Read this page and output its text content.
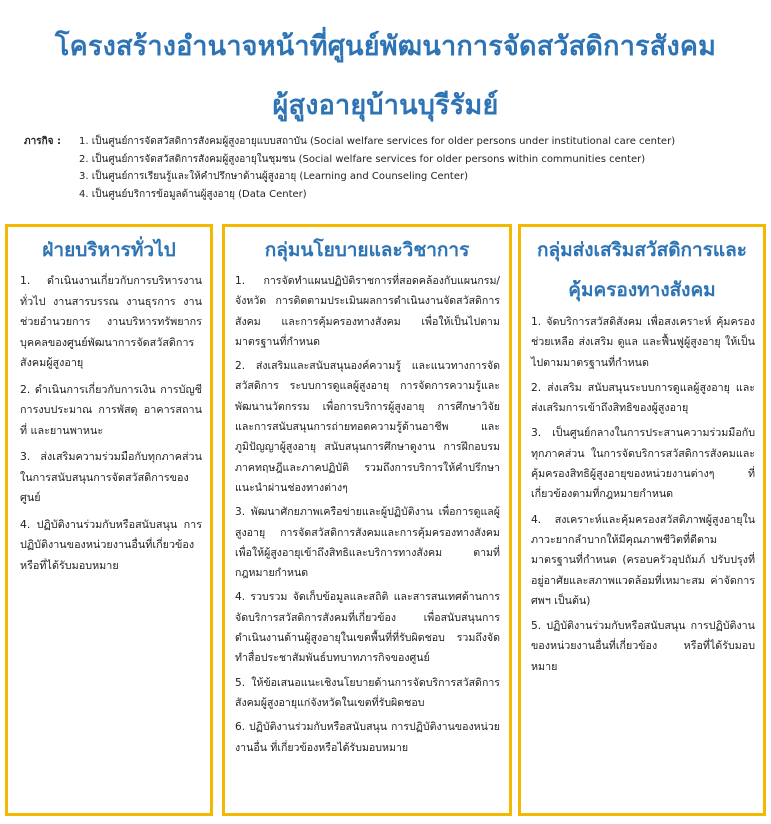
โครงสร้างอำนาจหน้าที่ศูนย์พัฒนาการจัดสวัสดิการสังคม
ผู้สูงอายุบ้านบุรีรัมย์
ภารกิจ :	1. เป็นศูนย์การจัดสวัสดิการสังคมผู้สูงอายุแบบสถาบัน (Social welfare services for older persons under institutional care center)
2. เป็นศูนย์การจัดสวัสดิการสังคมผู้สูงอายุในชุมชน (Social welfare services for older persons within communities center)
3. เป็นศูนย์การเรียนรู้และให้คำปรึกษาด้านผู้สูงอายุ (Learning and Counseling Center)
4. เป็นศูนย์บริการข้อมูลด้านผู้สูงอายุ (Data Center)
ฝ่ายบริหารทั่วไป
1. ดำเนินงานเกี่ยวกับการบริหารงานทั่วไป งานสารบรรณ งานธุรการ งานช่วยอำนวยการ งานบริหารทรัพยากรบุคคลของศูนย์พัฒนาการจัดสวัสดิการสังคมผู้สูงอายุ
2. ดำเนินการเกี่ยวกับการเงิน การบัญชี การงบประมาณ การพัสดุ อาคารสถานที่ และยานพาหนะ
3. ส่งเสริมความร่วมมือกับทุกภาคส่วนในการสนับสนุนการจัดสวัสดิการของศูนย์
4. ปฏิบัติงานร่วมกับหรือสนับสนุน การปฏิบัติงานของหน่วยงานอื่นที่เกี่ยวข้อง หรือที่ได้รับมอบหมาย
กลุ่มนโยบายและวิชาการ
1. การจัดทำแผนปฏิบัติราชการที่สอดคล้องกับแผนกรม/จังหวัด การติดตามประเมินผลการดำเนินงานจัดสวัสดิการสังคม และการคุ้มครองทางสังคม เพื่อให้เป็นไปตามมาตรฐานที่กำหนด
2. ส่งเสริมและสนับสนุนองค์ความรู้ และแนวทางการจัดสวัสดิการ ระบบการดูแลผู้สูงอายุ การจัดการความรู้และพัฒนานวัตกรรม เพื่อการบริการผู้สูงอายุ การศึกษาวิจัย และการสนับสนุนการถ่ายทอดความรู้ด้านอาชีพ และภูมิปัญญาผู้สูงอายุ สนับสนุนการศึกษาดูงาน การฝึกอบรมภาคทฤษฎีและภาคปฏิบัติ รวมถึงการบริการให้คำปรึกษาแนะนำผ่านช่องทางต่างๆ
3. พัฒนาศักยภาพเครือข่ายและผู้ปฏิบัติงาน เพื่อการดูแลผู้สูงอายุ การจัดสวัสดิการสังคมและการคุ้มครองทางสังคม เพื่อให้ผู้สูงอายุเข้าถึงสิทธิและบริการทางสังคม ตามที่กฎหมายกำหนด
4. รวบรวม จัดเก็บข้อมูลและสถิติ และสารสนเทศด้านการจัดบริการสวัสดิการสังคมที่เกี่ยวข้อง เพื่อสนับสนุนการดำเนินงานด้านผู้สูงอายุในเขตพื้นที่ที่รับผิดชอบ รวมถึงจัดทำสื่อประชาสัมพันธ์บทบาทภารกิจของศูนย์
5. ให้ข้อเสนอแนะเชิงนโยบายด้านการจัดบริการสวัสดิการสังคมผู้สูงอายุแก่จังหวัดในเขตที่รับผิดชอบ
6. ปฏิบัติงานร่วมกับหรือสนับสนุน การปฏิบัติงานของหน่วยงานอื่น ที่เกี่ยวข้องหรือได้รับมอบหมาย
กลุ่มส่งเสริมสวัสดิการและคุ้มครองทางสังคม
1. จัดบริการสวัสดิสังคม เพื่อสงเคราะห์ คุ้มครอง ช่วยเหลือ ส่งเสริม ดูแล และฟื้นฟูผู้สูงอายุ ให้เป็นไปตามมาตรฐานที่กำหนด
2. ส่งเสริม สนับสนุนระบบการดูแลผู้สูงอายุ และส่งเสริมการเข้าถึงสิทธิของผู้สูงอายุ
3. เป็นศูนย์กลางในการประสานความร่วมมือกับทุกภาคส่วน ในการจัดบริการสวัสดิการสังคมและคุ้มครองสิทธิผู้สูงอายุของหน่วยงานต่างๆ ที่เกี่ยวข้องตามที่กฎหมายกำหนด
4. สงเคราะห์และคุ้มครองสวัสดิภาพผู้สูงอายุในภาวะยากลำบากให้มีคุณภาพชีวิตที่ดีตามมาตรฐานที่กำหนด (ครอบครัวอุปถัมภ์ ปรับปรุงที่อยู่อาศัยและสภาพแวดล้อมที่เหมาะสม ค่าจัดการศพฯ เป็นต้น)
5. ปฏิบัติงานร่วมกับหรือสนับสนุน การปฏิบัติงานของหน่วยงานอื่นที่เกี่ยวข้อง หรือที่ได้รับมอบหมาย
